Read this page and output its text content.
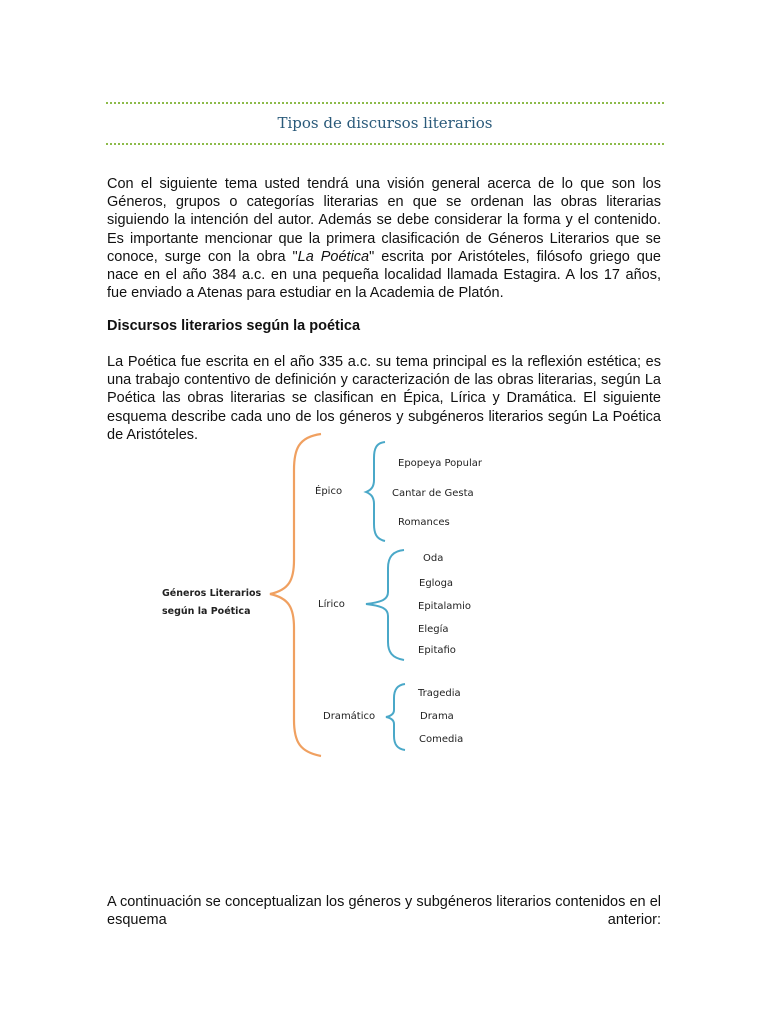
Tipos de discursos literarios

Con el siguiente tema usted tendrá una visión general acerca de lo que son los Géneros, grupos o categorías literarias en que se ordenan las obras literarias siguiendo la intención del autor. Además se debe considerar la forma y el contenido. Es importante mencionar que la primera clasificación de Géneros Literarios que se conoce, surge con la obra "La Poética" escrita por Aristóteles, filósofo griego que nace en el año 384 a.c. en una pequeña localidad llamada Estagira. A los 17 años, fue enviado a Atenas para estudiar en la Academia de Platón.

Discursos literarios según la poética

La Poética fue escrita en el año 335 a.c. su tema principal es la reflexión estética; es una trabajo contentivo de definición y caracterización de las obras literarias, según La Poética las obras literarias se clasifican en Épica, Lírica y Dramática. El siguiente esquema describe cada uno de los géneros y subgéneros literarios según La Poética de Aristóteles.

Géneros Literarios
según la Poética
Épico
Lírico
Dramático
Epopeya Popular
Cantar de Gesta
Romances
Oda
Egloga
Epitalamio
Elegía
Epitafio
Tragedia
Drama
Comedia

A continuación se conceptualizan los géneros y subgéneros literarios contenidos en el esquema anterior:
